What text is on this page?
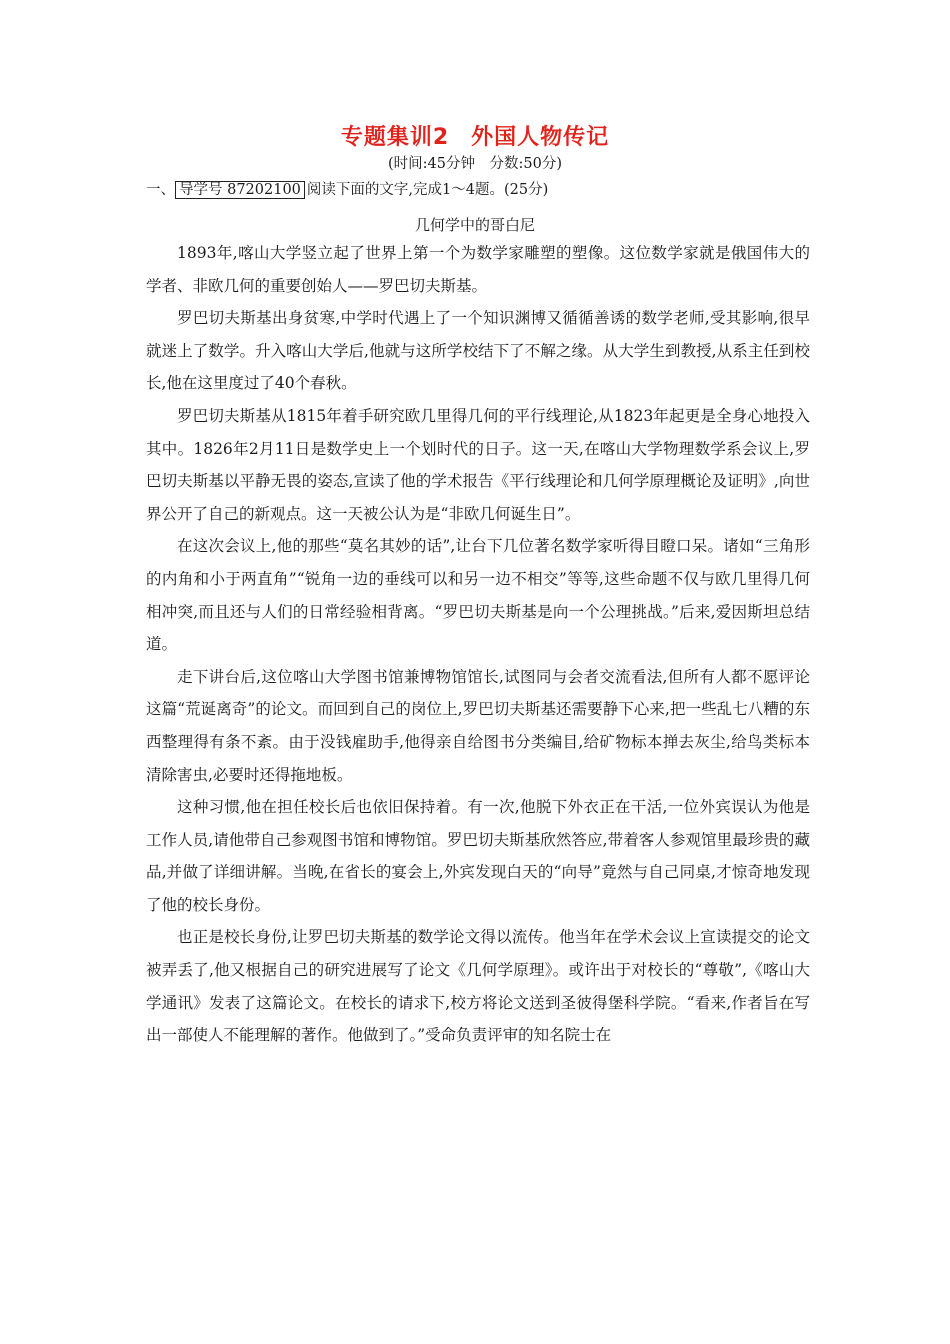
专题集训2 外国人物传记
(时间:45分钟　分数:50分)
一、 导学号 87202100 阅读下面的文字,完成1～4题。(25分)
几何学中的哥白尼

1893年,喀山大学竖立起了世界上第一个为数学家雕塑的塑像。这位数学家就是俄国伟大的学者、非欧几何的重要创始人——罗巴切夫斯基。

罗巴切夫斯基出身贫寒,中学时代遇上了一个知识渊博又循循善诱的数学老师,受其影响,很早就迷上了数学。升入喀山大学后,他就与这所学校结下了不解之缘。从大学生到教授,从系主任到校长,他在这里度过了40个春秋。

罗巴切夫斯基从1815年着手研究欧几里得几何的平行线理论,从1823年起更是全身心地投入其中。1826年2月11日是数学史上一个划时代的日子。这一天,在喀山大学物理数学系会议上,罗巴切夫斯基以平静无畏的姿态,宣读了他的学术报告《平行线理论和几何学原理概论及证明》,向世界公开了自己的新观点。这一天被公认为是“非欧几何诞生日”。

在这次会议上,他的那些“莫名其妙的话”,让台下几位著名数学家听得目瞪口呆。诸如“三角形的内角和小于两直角”“锐角一边的垂线可以和另一边不相交”等等,这些命题不仅与欧几里得几何相冲突,而且还与人们的日常经验相背离。“罗巴切夫斯基是向一个公理挑战。”后来,爱因斯坦总结道。

走下讲台后,这位喀山大学图书馆兼博物馆馆长,试图同与会者交流看法,但所有人都不愿评论这篇“荒诞离奇”的论文。而回到自己的岗位上,罗巴切夫斯基还需要静下心来,把一些乱七八糟的东西整理得有条不紊。由于没钱雇助手,他得亲自给图书分类编目,给矿物标本掸去灰尘,给鸟类标本清除害虫,必要时还得拖地板。

这种习惯,他在担任校长后也依旧保持着。有一次,他脱下外衣正在干活,一位外宾误认为他是工作人员,请他带自己参观图书馆和博物馆。罗巴切夫斯基欣然答应,带着客人参观馆里最珍贵的藏品,并做了详细讲解。当晚,在省长的宴会上,外宾发现白天的“向导”竟然与自己同桌,才惊奇地发现了他的校长身份。

也正是校长身份,让罗巴切夫斯基的数学论文得以流传。他当年在学术会议上宣读提交的论文被弄丢了,他又根据自己的研究进展写了论文《几何学原理》。或许出于对校长的“尊敬”,《喀山大学通讯》发表了这篇论文。在校长的请求下,校方将论文送到圣彼得堡科学院。“看来,作者旨在写出一部使人不能理解的著作。他做到了。”受命负责评审的知名院士在
